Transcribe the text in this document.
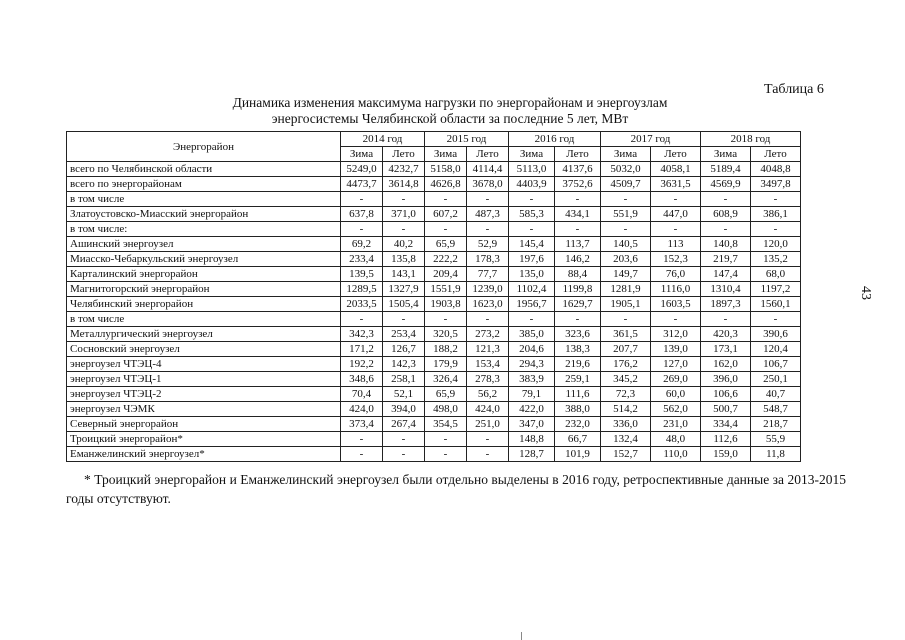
Таблица 6
Динамика изменения максимума нагрузки по энергорайонам и энергоузлам
энергосистемы Челябинской области за последние 5 лет, МВт
43
Энергорайон	2014 год		2015 год		2016 год		2017 год		2018 год	
	Зима	Лето	Зима	Лето	Зима	Лето	Зима	Лето	Зима	Лето
всего по Челябинской области	5249,0	4232,7	5158,0	4114,4	5113,0	4137,6	5032,0	4058,1	5189,4	4048,8
всего по энергорайонам	4473,7	3614,8	4626,8	3678,0	4403,9	3752,6	4509,7	3631,5	4569,9	3497,8
в том числе	-	-	-	-	-	-	-	-	-	-
Златоустовско-Миасский энергорайон	637,8	371,0	607,2	487,3	585,3	434,1	551,9	447,0	608,9	386,1
в том числе:	-	-	-	-	-	-	-	-	-	-
Ашинский энергоузел	69,2	40,2	65,9	52,9	145,4	113,7	140,5	113	140,8	120,0
Миасско-Чебаркульский энергоузел	233,4	135,8	222,2	178,3	197,6	146,2	203,6	152,3	219,7	135,2
Карталинский энергорайон	139,5	143,1	209,4	77,7	135,0	88,4	149,7	76,0	147,4	68,0
Магнитогорский энергорайон	1289,5	1327,9	1551,9	1239,0	1102,4	1199,8	1281,9	1116,0	1310,4	1197,2
Челябинский энергорайон	2033,5	1505,4	1903,8	1623,0	1956,7	1629,7	1905,1	1603,5	1897,3	1560,1
в том числе	-	-	-	-	-	-	-	-	-	-
Металлургический энергоузел	342,3	253,4	320,5	273,2	385,0	323,6	361,5	312,0	420,3	390,6
Сосновский энергоузел	171,2	126,7	188,2	121,3	204,6	138,3	207,7	139,0	173,1	120,4
энергоузел ЧТЭЦ-4	192,2	142,3	179,9	153,4	294,3	219,6	176,2	127,0	162,0	106,7
энергоузел ЧТЭЦ-1	348,6	258,1	326,4	278,3	383,9	259,1	345,2	269,0	396,0	250,1
энергоузел ЧТЭЦ-2	70,4	52,1	65,9	56,2	79,1	111,6	72,3	60,0	106,6	40,7
энергоузел ЧЭМК	424,0	394,0	498,0	424,0	422,0	388,0	514,2	562,0	500,7	548,7
Северный энергорайон	373,4	267,4	354,5	251,0	347,0	232,0	336,0	231,0	334,4	218,7
Троицкий энергорайон*	-	-	-	-	148,8	66,7	132,4	48,0	112,6	55,9
Еманжелинский энергоузел*	-	-	-	-	128,7	101,9	152,7	110,0	159,0	11,8
* Троицкий энергорайон и Еманжелинский энергоузел были отдельно выделены в 2016 году, ретроспективные данные за 2013-2015 годы отсутствуют.
